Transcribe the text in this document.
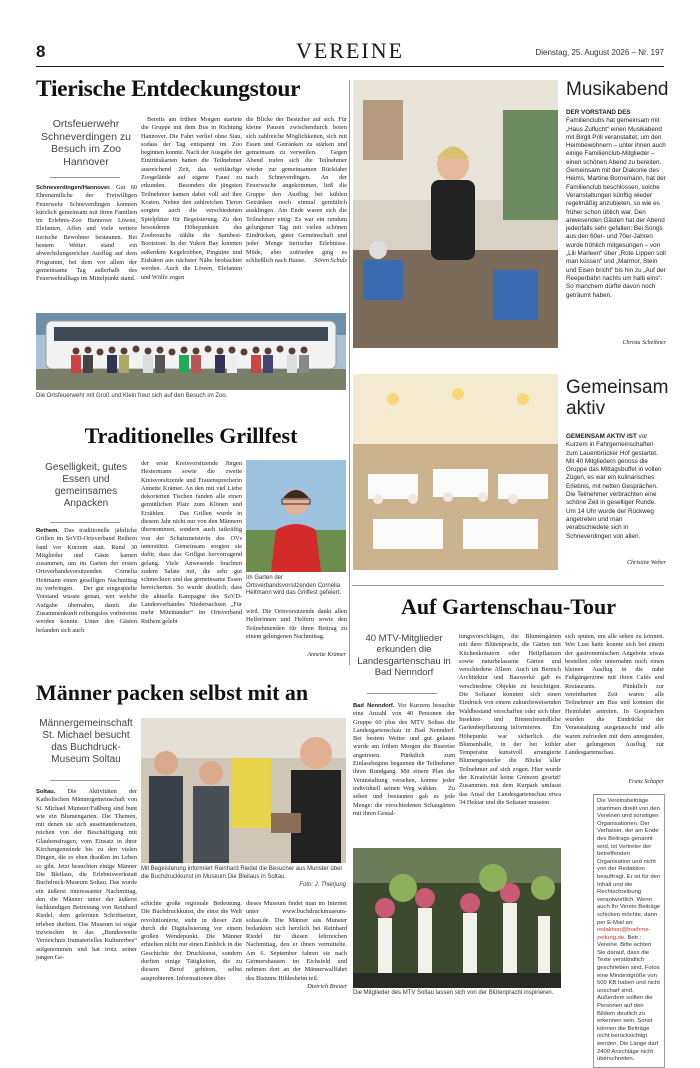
8	VEREINE	Dienstag, 25. August 2026 – Nr. 197
Tierische Entdeckungstour
Ortsfeuerwehr Schneverdingen zu Besuch im Zoo Hannover
Schneverdingen/Hannover. Gut 60 Ehrenamtliche der Freiwilligen Feuerwehr Schneverdingen konnten kürzlich gemeinsam mit ihren Familien im Erlebnis-Zoo Hannover Löwen, Elefanten, Affen und viele weitere tierische Bewohner bestaunen. Bei bestem Wetter stand ein abwechslungsreicher Ausflug auf dem Programm, bei dem vor allem der gemeinsame Tag außerhalb des Feuerwehralltags im Mittelpunkt stand.
Bereits am frühen Morgen startete die Gruppe mit dem Bus in Richtung Hannover. Die Fahrt verlief ohne Stau, sodass der Tag entspannt im Zoo beginnen konnte. Nach der Ausgabe der Eintrittskarten hatten die Teilnehmer ausreichend Zeit, das weitläufige Zoogelände auf eigene Faust zu erkunden.   Besonders die jüngsten Teilnehmer kamen dabei voll auf ihre Kosten. Neben den zahlreichen Tieren sorgten auch die verschiedenen Spielplätze für Begeisterung. Zu den besonderen Höhepunkten des Zoobesuchs zählte die Sambesi-Bootstour. In der Yukon Bay konnten außerdem Kegelrobben, Pinguine und Eisbären aus nächster Nähe beobachtet werden. Auch die Löwen, Elefanten und Wölfe zogen
die Blicke der Besucher auf sich. Für kleine Pausen zwischendurch boten sich zahlreiche Möglichkeiten, sich mit Essen und Getränken zu stärken und gemeinsam zu verweilen.   Gegen Abend trafen sich die Teilnehmer wieder zur gemeinsamen Rückfahrt nach Schneverdingen. An der Feuerwache angekommen, ließ die Gruppe den Ausflug bei kühlen Getränken noch einmal gemütlich ausklingen. Am Ende waren sich die Teilnehmer einig: Es war ein rundum gelungener Tag mit vielen schönen Eindrücken, guter Gemeinschaft und jeder Menge tierischer Erlebnisse. Müde, aber zufrieden ging es schließlich nach Hause. Sören Schulz
Die Ortsfeuerwehr mit Groß und Klein freut sich auf den Besuch im Zoo.
Musikabend
DER VORSTAND DES Familienclubs hat gemeinsam mit „Haus Zuflucht“ einen Musikabend mit Birgit Prill veranstaltet, um den Heimbewohnern – unter ihnen auch einige Familienclub-Mitglieder – einen schönen Abend zu bereiten. Gemeinsam mit der Diakonie des Heims, Martine Bornemann, hat der Familienclub beschlossen, solche Veranstaltungen künftig wieder regelmäßig anzubieten, so wie es früher schon üblich war. Den anwesenden Gästen hat der Abend jedenfalls sehr gefallen: Bei Songs aus den 60er- und 70er-Jahren wurde fröhlich mitgesungen – von „Lili Marleen“ über „Rote Lippen soll man küssen“ und „Marmor, Stein und Eisen bricht“ bis hin zu „Auf der Reeperbahn nachts um halb eins“. So manchem dürfte davon noch geträumt haben.
Christa Scheibner
Gemeinsam aktiv
GEMEINSAM AKTIV IST vor Kurzem in Fahrgemeinschaften zum Lauenbrücker Hof gestartet. Mit 40 Mitgliedern genoss die Gruppe das Mittagsbuffet in vollen Zügen, es war ein kulinarisches Erlebnis, mit netten Gesprächen. Die Teilnehmer verbrachten eine schöne Zeit in geselliger Runde. Um 14 Uhr wurde der Rückweg angetreten und man verabschiedete sich in Schneverdingen von allen.
Christine Weber
Traditionelles Grillfest
Geselligkeit, gutes Essen und gemeinsames Anpacken
Rethem. Das traditionelle jährliche Grillen im SoVD-Ortsverband Rethem fand vor Kurzem statt. Rund 30 Mitglieder und Gäste kamen zusammen, um im Garten der ersten Ortsverbandsvorsitzenden Cornelia Heitmann einen geselligen Nachmittag zu verbringen.   Der gut eingespielte Vorstand wusste genau, wer welche Aufgabe übernahm, damit die Zusammenkunft reibungslos vorbereitet werden konnte. Unter den Gästen befanden sich auch
der erste Kreisvorsitzende Jürgen Hestermann sowie die zweite Kreisvorsitzende und Frauensprecherin Annette Krämer. An den mit viel Liebe dekorierten Tischen fanden alle einen gemütlichen Platz zum Klönen und Erzählen.   Das Grillen wurde in diesem Jahr nicht nur von den Männern übernommen, sondern auch tatkräftig von der Schatzmeisterin des OVs unterstützt. Gemeinsam sorgten sie dafür, dass das Grillgut hervorragend gelang. Viele Anwesende brachten zudem Salate mit, die sehr gut schmeckten und das gemeinsame Essen bereicherten. So wurde deutlich, dass die aktuelle Kampagne des SoVD-Landesverbandes Niedersachsen „Für mehr Miteinander“ im Ortsverband Rethem gelebt
Im Garten der Ortsverbandsvorsitzenden Cornelia Heitmann wird das Grillfest gefeiert.
wird. Die Ortsvorsitzende dankt allen Helferinnen und Helfern sowie den Teilnehmenden für ihren Beitrag zu einem gelungenen Nachmittag.
Annette Krämer
Männer packen selbst mit an
Männergemeinschaft St. Michael besucht das Buchdruck-Museum Soltau
Soltau. Die Aktivitäten der Katholischen Männergemeinschaft von St. Michael Munster/Faßberg sind bunt wie ein Blumengarten. Die Themen, mit denen sie sich auseinandersetzen, reichen von der Beschäftigung mit Glaubensfragen, vom Einsatz in ihrer Kirchengemeinde bis zu den vielen Dingen, die es eben draußen im Leben so gibt. Jetzt besuchten einige Männer Die Bleilaus, die Erlebniswerkstatt Buchdruck-Museum Soltau. Das wurde ein äußerst interessanter Nachmittag, den die Männer unter der äußerst fachkundigen Betreuung von Reinhard Riedel, dem gelernten Schriftsetzer, erleben durften. Das Museum ist sogar inzwischen in das „Bundesweite Verzeichnis Immaterielles Kulturerbes“ aufgenommen und hat trotz seiner jungen Ge-
Mit Begeisterung informiert Reinhard Riedel die Besucher aus Munster über die Buchdruckkunst im Museum Die Bleilaus in Soltau.
Foto: J. Thierjung
schichte große regionale Bedeutung. Die Buchdruckkunst, die einst die Welt revolutionierte, steht in dieser Zeit durch die Digitalisierung vor einem großen Wendepunkt. Die Männer erhielten nicht nur einen Einblick in die Geschichte der Druckkunst, sondern durften einige Tätigkeiten, die zu diesem Beruf gehören, selbst ausprobieren. Informationen über
dieses Museum findet man im Internet unter www.buchdruckmuseum-soltau.de. Die Männer aus Munster bedankten sich herzlich bei Reinhard Riedel für diesen lehrreichen Nachmittag, den er ihnen vermittelte. Am 6. September fahren sie nach Germershausen im Eichsfeld und nehmen dort an der Männerwallfahrt des Bistums Hildesheim teil.
Dietrich Breuer
Auf Gartenschau-Tour
40 MTV-Mitglieder erkunden die Landesgartenschau in Bad Nenndorf
Bad Nenndorf. Vor Kurzem besuchte eine Anzahl von 40 Personen der Gruppe 60 plus des MTV Soltau die Landesgartenschau in Bad Nenndorf. Bei bestem Wetter und gut gelaunt wurde am frühen Morgen die Busreise angetreten. Pünktlich zum Einlassbeginn begannen die Teilnehmer ihren Rundgang. Mit einem Plan der Veranstaltung versehen, konnte jeder individuell seinen Weg wählen.   Zu sehen und bestaunen gab es jede Menge: die verschiedenen Schaugärten mit ihren Gestal-
tungsvorschlägen, die Blumengärten mit ihrer Blütenpracht, die Gärten mit Küchenkräutern oder Heilpflanzen sowie naturbelassene Gärten und verschiedene Alleen. Auch im Bereich Architektur und Bauwerke gab es verschiedene Objekte zu besichtigen. Die Soltauer konnten sich einen Eindruck von einem zukunftsweisenden Waldbestand verschaffen oder sich über Insekten- und Bienenfreundliche Gartenbepflanzung informieren.   Ein Höhepunkt war sicherlich die Blumenhalle, in der bei kühler Temperatur kunstvoll arrangierte Blumengestecke die Blicke aller Teilnehmer auf sich zogen. Hier wurde der Kreativität keine Grenzen gesetzt! Zusammen mit dem Kurpark umfasst das Areal der Landesgartenschau etwa 34 Hektar und die Soltauer mussten
sich sputen, um alle sehen zu können. Wer Lust hatte konnte sich bei einem der gastronomischen Angebote etwas bestellen oder unternahm noch einen kleinen Ausflug in die nahe Fußgängerzone mit ihren Cafés und Restaurants.   Pünktlich zur vereinbarten Zeit waren alle Teilnehmer am Bus und konnten die Heimfahrt antreten. In Gesprächen wurden die Eindrücke der Veranstaltung ausgetauscht und alle waren zufrieden mit dem anregenden, aber gelungenen Ausflug zur Landesgartenschau.
Franz Schaper
Die Mitglieder des MTV Soltau lassen sich von der Blütenpracht inspirieren.
Die Vereinsbeiträge stammen direkt von den Vereinen und sonstigen Organisationen. Der Verfasser, der am Ende des Beitrags genannt wird, ist Vertreter der betreffenden Organisation und nicht von der Redaktion beauftragt. Er ist für den Inhalt und die Rechtschreibung verantwortlich. Wenn auch Ihr Verein Beiträge schicken möchte, dann per E-Mail an: redaktion@boehme-zeitung.de, Betr.: Vereine. Bitte achten Sie darauf, dass die Texte verständlich geschrieben sind, Fotos eine Mindestgröße von 500 KB haben und nicht unscharf sind. Außerdem sollten die Personen auf den Bildern deutlich zu erkennen sein. Sonst können die Beiträge nicht berücksichtigt werden. Die Länge darf 2400 Anschläge nicht überschreiten.
